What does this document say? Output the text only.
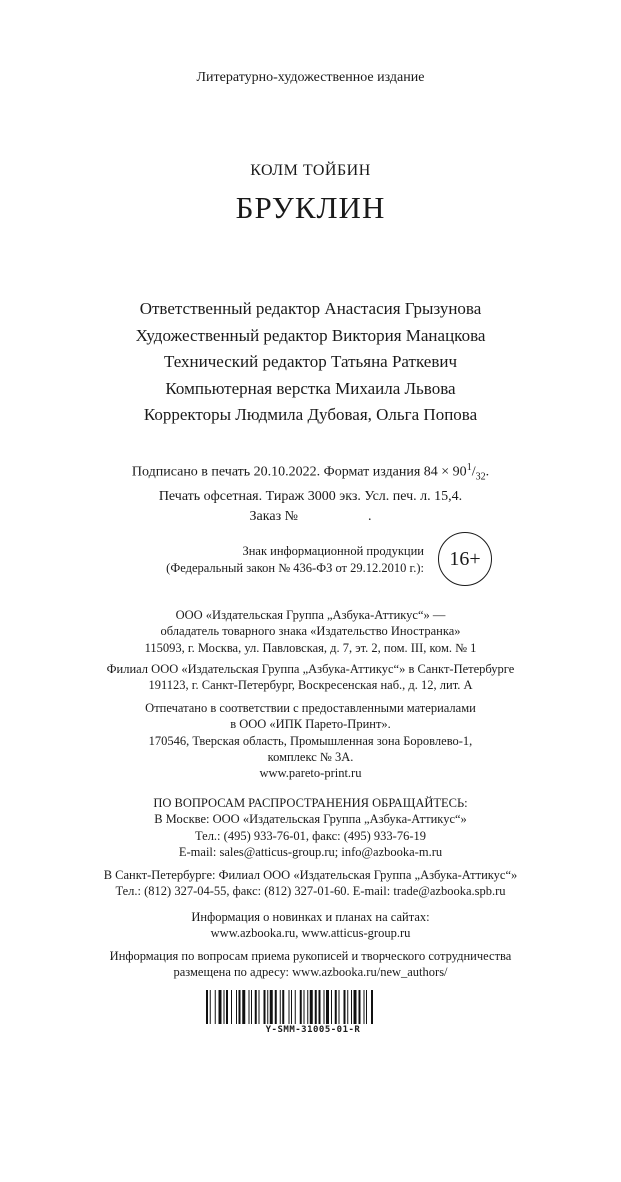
Литературно-художественное издание
КОЛМ ТОЙБИН
БРУКЛИН
Ответственный редактор Анастасия Грызунова
Художественный редактор Виктория Манацкова
Технический редактор Татьяна Раткевич
Компьютерная верстка Михаила Львова
Корректоры Людмила Дубовая, Ольга Попова
Подписано в печать 20.10.2022. Формат издания $84 \times 90^1/_{32}$.
Печать офсетная. Тираж 3000 экз. Усл. печ. л. 15,4.
Заказ №	.
Знак информационной продукции
(Федеральный закон № 436-ФЗ от 29.12.2010 г.):	16+
ООО «Издательская Группа „Азбука-Аттикус“» —
обладатель товарного знака «Издательство Иностранка»
115093, г. Москва, ул. Павловская, д. 7, эт. 2, пом. III, ком. № 1
Филиал ООО «Издательская Группа „Азбука-Аттикус“» в Санкт-Петербурге
191123, г. Санкт-Петербург, Воскресенская наб., д. 12, лит. А
Отпечатано в соответствии с предоставленными материалами
в ООО «ИПК Парето-Принт».
170546, Тверская область, Промышленная зона Боровлево-1,
комплекс № 3А.
www.pareto-print.ru
ПО ВОПРОСАМ РАСПРОСТРАНЕНИЯ ОБРАЩАЙТЕСЬ:
В Москве: ООО «Издательская Группа „Азбука-Аттикус“»
Тел.: (495) 933-76-01, факс: (495) 933-76-19
E-mail: sales@atticus-group.ru; info@azbooka-m.ru
В Санкт-Петербурге: Филиал ООО «Издательская Группа „Азбука-Аттикус“»
Тел.: (812) 327-04-55, факс: (812) 327-01-60. E-mail: trade@azbooka.spb.ru
Информация о новинках и планах на сайтах:
www.azbooka.ru, www.atticus-group.ru
Информация по вопросам приема рукописей и творческого сотрудничества
размещена по адресу: www.azbooka.ru/new_authors/
Y-SMM-31005-01-R
